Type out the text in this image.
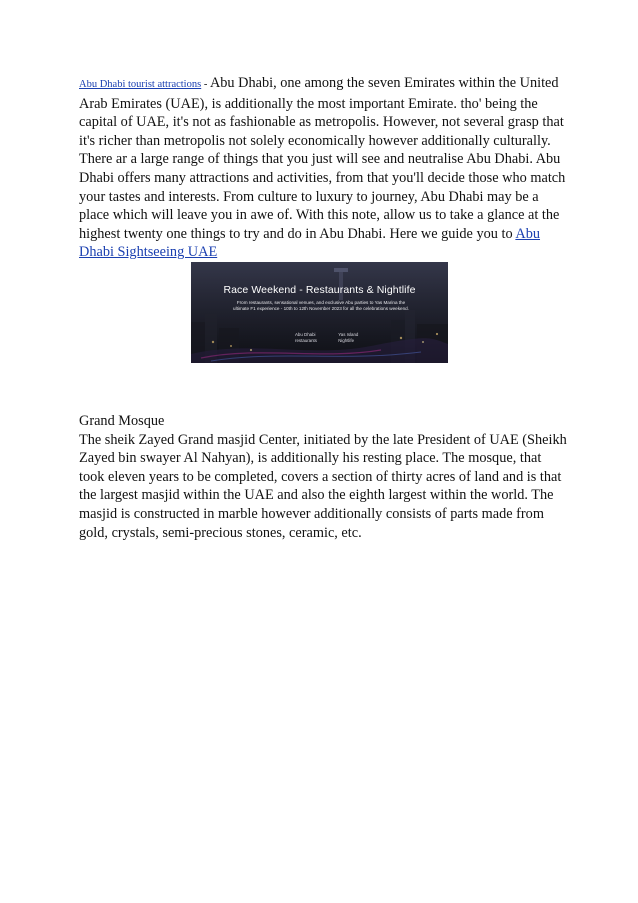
Abu Dhabi tourist attractions - Abu Dhabi, one among the seven Emirates within the United Arab Emirates (UAE), is additionally the most important Emirate. tho' being the capital of UAE, it's not as fashionable as metropolis. However, not several grasp that it's richer than metropolis not solely economically however additionally culturally. There ar a large range of things that you just will see and neutralise Abu Dhabi. Abu Dhabi offers many attractions and activities, from that you'll decide those who match your tastes and interests. From culture to luxury to journey, Abu Dhabi may be a place which will leave you in awe of. With this note, allow us to take a glance at the highest twenty one things to try and do in Abu Dhabi. Here we guide you to Abu Dhabi Sightseeing UAE

Race Weekend - Restaurants & Nightlife
From restaurants, sensational venues, and exclusive Abu parties to Yas Marina the ultimate F1 experience - 10th to 12th November 2023 for all the celebrations weekend.
Abu Dhabi restaurants
Yas Island Nightlife

Grand Mosque

The sheik Zayed Grand masjid Center, initiated by the late President of UAE (Sheikh Zayed bin swayer Al Nahyan), is additionally his resting place. The mosque, that took eleven years to be completed, covers a section of thirty acres of land and is that the largest masjid within the UAE and also the eighth largest within the world. The masjid is constructed in marble however additionally consists of parts made from gold, crystals, semi-precious stones, ceramic, etc.
